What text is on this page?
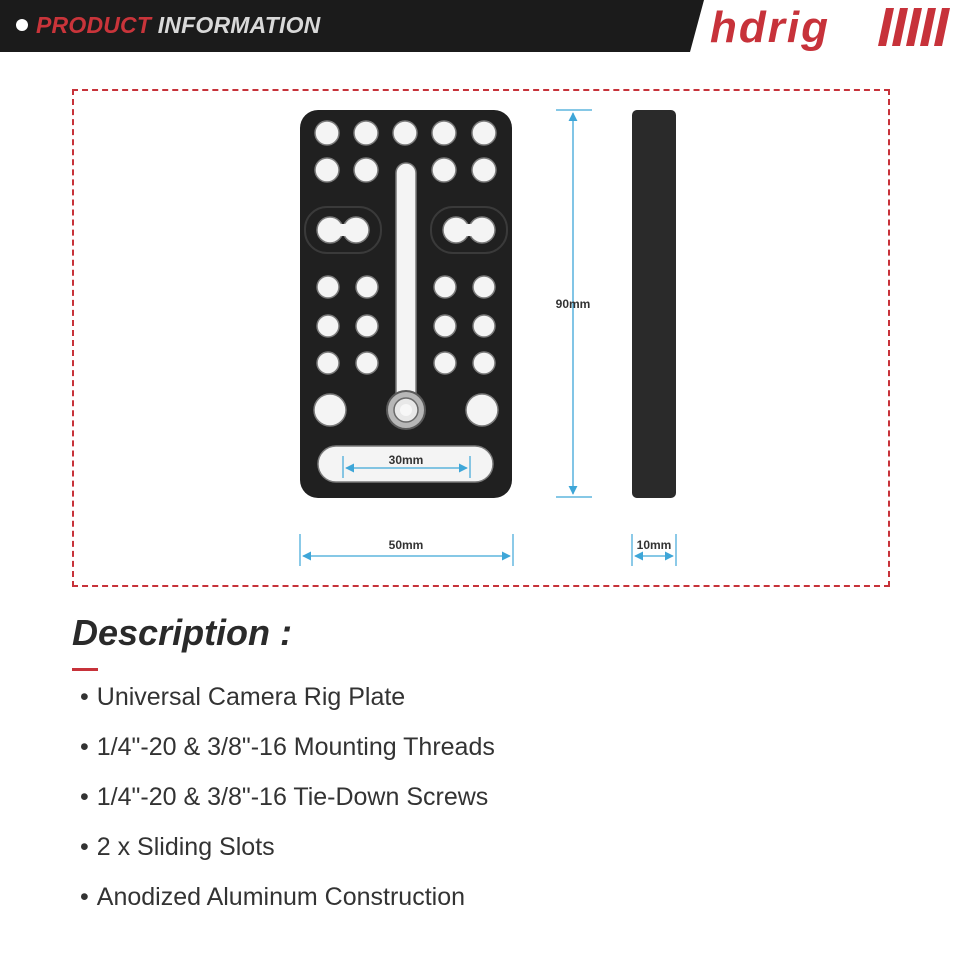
PRODUCT INFORMATION	hdrig
30mm
90mm
50mm	10mm
Description :
• Universal Camera Rig Plate
• 1/4"-20 & 3/8"-16 Mounting Threads
• 1/4"-20 & 3/8"-16 Tie-Down Screws
• 2 x Sliding Slots
• Anodized Aluminum Construction
